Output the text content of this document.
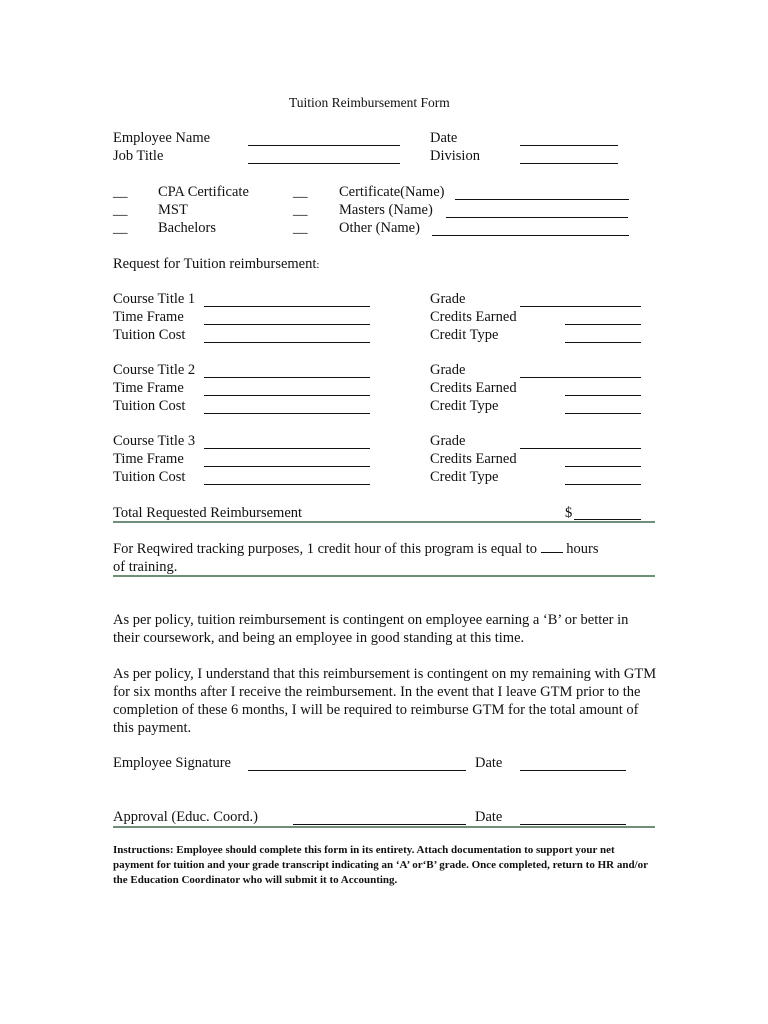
Tuition Reimbursement Form
Employee Name	Date
Job Title	Division
__ CPA Certificate	__ Certificate(Name)
__ MST	__ Masters (Name)
__ Bachelors	__ Other (Name)
Request for Tuition reimbursement:
Course Title 1	Grade
Time Frame	Credits Earned
Tuition Cost	Credit Type
Course Title 2	Grade
Time Frame	Credits Earned
Tuition Cost	Credit Type
Course Title 3	Grade
Time Frame	Credits Earned
Tuition Cost	Credit Type
Total Requested Reimbursement	$
For Reqwired tracking purposes, 1 credit hour of this program is equal to hours
of training.
As per policy, tuition reimbursement is contingent on employee earning a ‘B’ or better in their coursework, and being an employee in good standing at this time.
As per policy, I understand that this reimbursement is contingent on my remaining with GTM for six months after I receive the reimbursement. In the event that I leave GTM prior to the completion of these 6 months, I will be required to reimburse GTM for the total amount of this payment.
Employee Signature	Date
Approval (Educ. Coord.)	Date
Instructions: Employee should complete this form in its entirety. Attach documentation to support your net payment for tuition and your grade transcript indicating an ‘A’ or‘B’ grade. Once completed, return to HR and/or the Education Coordinator who will submit it to Accounting.
